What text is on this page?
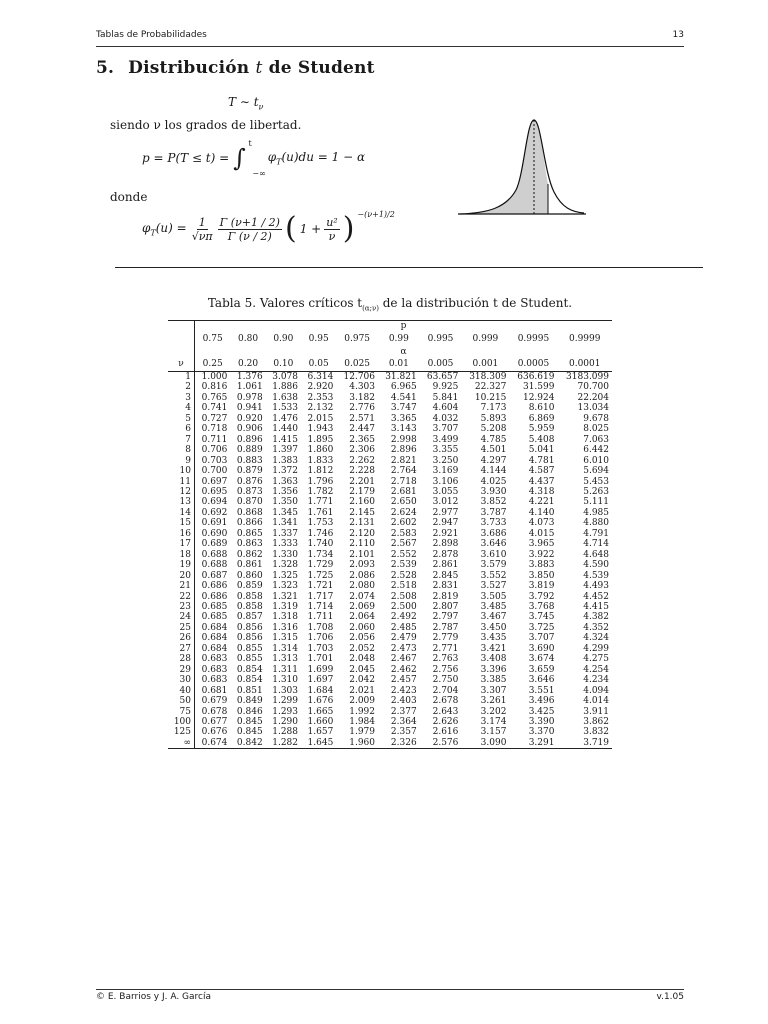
Tablas de Probabilidades	13
5. Distribución t de Student
T ∼ $t_\nu$
siendo ν los grados de libertad.
p = P(T ≤ t) = ∫
t
−∞
$\varphi_T(u)du = 1 - \alpha$
donde
$\varphi_T(u) = \frac{1}{√\nu\pi} \frac{\Gamma (\nu+1 / 2)}{\Gamma (\nu / 2)}$ ( $1 + \frac{\text{u²}}{\nu}$ ) −(ν+1)/2
Tabla 5. Valores críticos $t_{(\alpha;\nu)}$ de la distribución t de Student.
	p									
	0.75	0.80	0.90	0.95	0.975	0.99	0.995	0.999	0.9995	0.9999
	α									
ν	0.25	0.20	0.10	0.05	0.025	0.01	0.005	0.001	0.0005	0.0001
1	1.000	1.376	3.078	6.314	12.706	31.821	63.657	318.309	636.619	3183.099
2	0.816	1.061	1.886	2.920	4.303	6.965	9.925	22.327	31.599	70.700
3	0.765	0.978	1.638	2.353	3.182	4.541	5.841	10.215	12.924	22.204
4	0.741	0.941	1.533	2.132	2.776	3.747	4.604	7.173	8.610	13.034
5	0.727	0.920	1.476	2.015	2.571	3.365	4.032	5.893	6.869	9.678
6	0.718	0.906	1.440	1.943	2.447	3.143	3.707	5.208	5.959	8.025
7	0.711	0.896	1.415	1.895	2.365	2.998	3.499	4.785	5.408	7.063
8	0.706	0.889	1.397	1.860	2.306	2.896	3.355	4.501	5.041	6.442
9	0.703	0.883	1.383	1.833	2.262	2.821	3.250	4.297	4.781	6.010
10	0.700	0.879	1.372	1.812	2.228	2.764	3.169	4.144	4.587	5.694
11	0.697	0.876	1.363	1.796	2.201	2.718	3.106	4.025	4.437	5.453
12	0.695	0.873	1.356	1.782	2.179	2.681	3.055	3.930	4.318	5.263
13	0.694	0.870	1.350	1.771	2.160	2.650	3.012	3.852	4.221	5.111
14	0.692	0.868	1.345	1.761	2.145	2.624	2.977	3.787	4.140	4.985
15	0.691	0.866	1.341	1.753	2.131	2.602	2.947	3.733	4.073	4.880
16	0.690	0.865	1.337	1.746	2.120	2.583	2.921	3.686	4.015	4.791
17	0.689	0.863	1.333	1.740	2.110	2.567	2.898	3.646	3.965	4.714
18	0.688	0.862	1.330	1.734	2.101	2.552	2.878	3.610	3.922	4.648
19	0.688	0.861	1.328	1.729	2.093	2.539	2.861	3.579	3.883	4.590
20	0.687	0.860	1.325	1.725	2.086	2.528	2.845	3.552	3.850	4.539
21	0.686	0.859	1.323	1.721	2.080	2.518	2.831	3.527	3.819	4.493
22	0.686	0.858	1.321	1.717	2.074	2.508	2.819	3.505	3.792	4.452
23	0.685	0.858	1.319	1.714	2.069	2.500	2.807	3.485	3.768	4.415
24	0.685	0.857	1.318	1.711	2.064	2.492	2.797	3.467	3.745	4.382
25	0.684	0.856	1.316	1.708	2.060	2.485	2.787	3.450	3.725	4.352
26	0.684	0.856	1.315	1.706	2.056	2.479	2.779	3.435	3.707	4.324
27	0.684	0.855	1.314	1.703	2.052	2.473	2.771	3.421	3.690	4.299
28	0.683	0.855	1.313	1.701	2.048	2.467	2.763	3.408	3.674	4.275
29	0.683	0.854	1.311	1.699	2.045	2.462	2.756	3.396	3.659	4.254
30	0.683	0.854	1.310	1.697	2.042	2.457	2.750	3.385	3.646	4.234
40	0.681	0.851	1.303	1.684	2.021	2.423	2.704	3.307	3.551	4.094
50	0.679	0.849	1.299	1.676	2.009	2.403	2.678	3.261	3.496	4.014
75	0.678	0.846	1.293	1.665	1.992	2.377	2.643	3.202	3.425	3.911
100	0.677	0.845	1.290	1.660	1.984	2.364	2.626	3.174	3.390	3.862
125	0.676	0.845	1.288	1.657	1.979	2.357	2.616	3.157	3.370	3.832
∞	0.674	0.842	1.282	1.645	1.960	2.326	2.576	3.090	3.291	3.719
© E. Barrios y J. A. García	v.1.05
